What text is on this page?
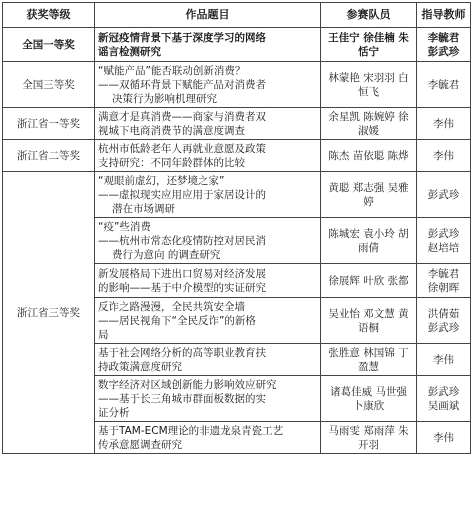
获奖等级	作品题目	参赛队员	指导教师
全国一等奖	新冠疫情背景下基于深度学习的网络
谣言检测研究	王佳宁 徐佳楠 朱恬宁	李毓君
彭武珍

全国三等奖	“赋能产品”能否联动创新消费？
——双循环背景下赋能产品对消费者
决策行为影响机理研究	林蒙艳 宋羽羽 白恒飞	李毓君

浙江省一等奖	满意才是真消费——商家与消费者双
视城下电商消费节的满意度调查	余星凯 陈婉婷 徐淑媛	李伟

浙江省二等奖	杭州市低龄老年人再就业意愿及政策
支持研究：不同年龄群体的比较	陈杰 苗依聪 陈烨	李伟

浙江省三等奖	“观眼前虚幻，还梦境之家”
——虚拟现实应用应用于家居设计的
潜在市场调研	黄聪 郑志强 吴雅婷	彭武珍

	“疫”些消费
——杭州市常态化疫情防控对居民消
费行为意向 的调查研究	陈城宏 袁小玲 胡雨倩	彭武珍
赵培培

	新发展格局下进出口贸易对经济发展
的影响——基于中介模型的实证研究	徐展辉 叶欣 张都	李毓君
徐朝晖

	反诈之路漫漫，全民共筑安全墙
——居民视角下“全民反诈”的新格
局	吴业怡 邓文慧 黄语桐	洪倩茹
彭武珍

	基于社会网络分析的高等职业教育扶
持政策满意度研究	张胜意 林国锦 丁盈慧	李伟

	数字经济对区域创新能力影响效应研究
——基于长三角城市群面板数据的实
证分析	诸葛佳威 马世强 卜康欣	彭武珍
吴画斌

	基于TAM-ECM理论的非遗龙泉青瓷工艺
传承意愿调查研究	马雨雯 郑雨萍 朱开羽	李伟
